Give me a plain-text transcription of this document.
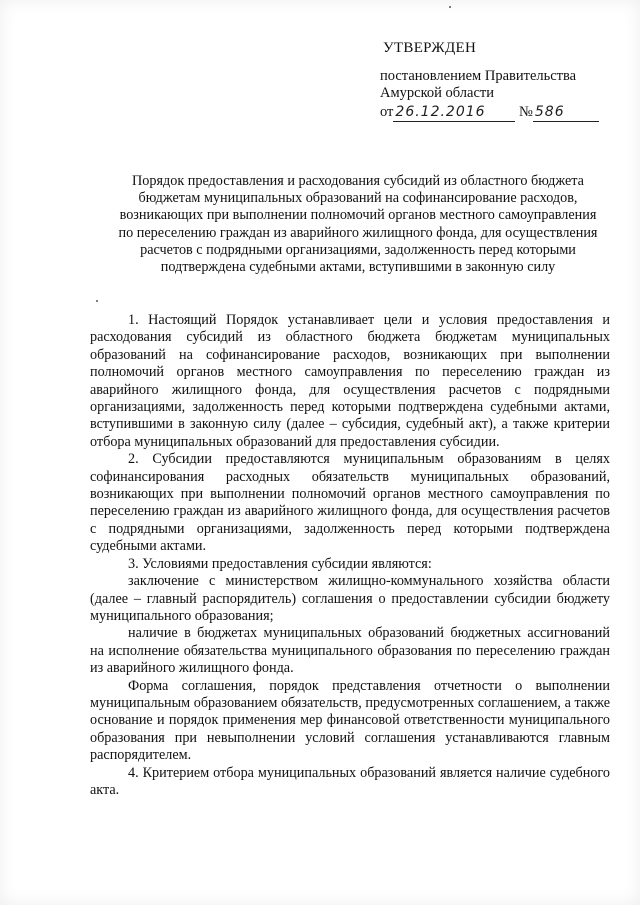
УТВЕРЖДЕН
постановлением Правительства
Амурской области
от 26.12.2016 № 586
Порядок предоставления и расходования субсидий из областного бюджета
бюджетам муниципальных образований на софинансирование расходов,
возникающих при выполнении полномочий органов местного самоуправления
по переселению граждан из аварийного жилищного фонда, для осуществления
расчетов с подрядными организациями, задолженность перед которыми
подтверждена судебными актами, вступившими в законную силу

1. Настоящий Порядок устанавливает цели и условия предоставления и расходования субсидий из областного бюджета бюджетам муниципальных образований на софинансирование расходов, возникающих при выполнении полномочий органов местного самоуправления по переселению граждан из аварийного жилищного фонда, для осуществления расчетов с подрядными организациями, задолженность перед которыми подтверждена судебными актами, вступившими в законную силу (далее – субсидия, судебный акт), а также критерии отбора муниципальных образований для предоставления субсидии.

2. Субсидии предоставляются муниципальным образованиям в целях софинансирования расходных обязательств муниципальных образований, возникающих при выполнении полномочий органов местного самоуправления по переселению граждан из аварийного жилищного фонда, для осуществления расчетов с подрядными организациями, задолженность перед которыми подтверждена судебными актами.

3. Условиями предоставления субсидии являются:

заключение с министерством жилищно-коммунального хозяйства области (далее – главный распорядитель) соглашения о предоставлении субсидии бюджету муниципального образования;

наличие в бюджетах муниципальных образований бюджетных ассигнований на исполнение обязательства муниципального образования по переселению граждан из аварийного жилищного фонда.

Форма соглашения, порядок представления отчетности о выполнении муниципальным образованием обязательств, предусмотренных соглашением, а также основание и порядок применения мер финансовой ответственности муниципального образования при невыполнении условий соглашения устанавливаются главным распорядителем.

4. Критерием отбора муниципальных образований является наличие судебного акта.
